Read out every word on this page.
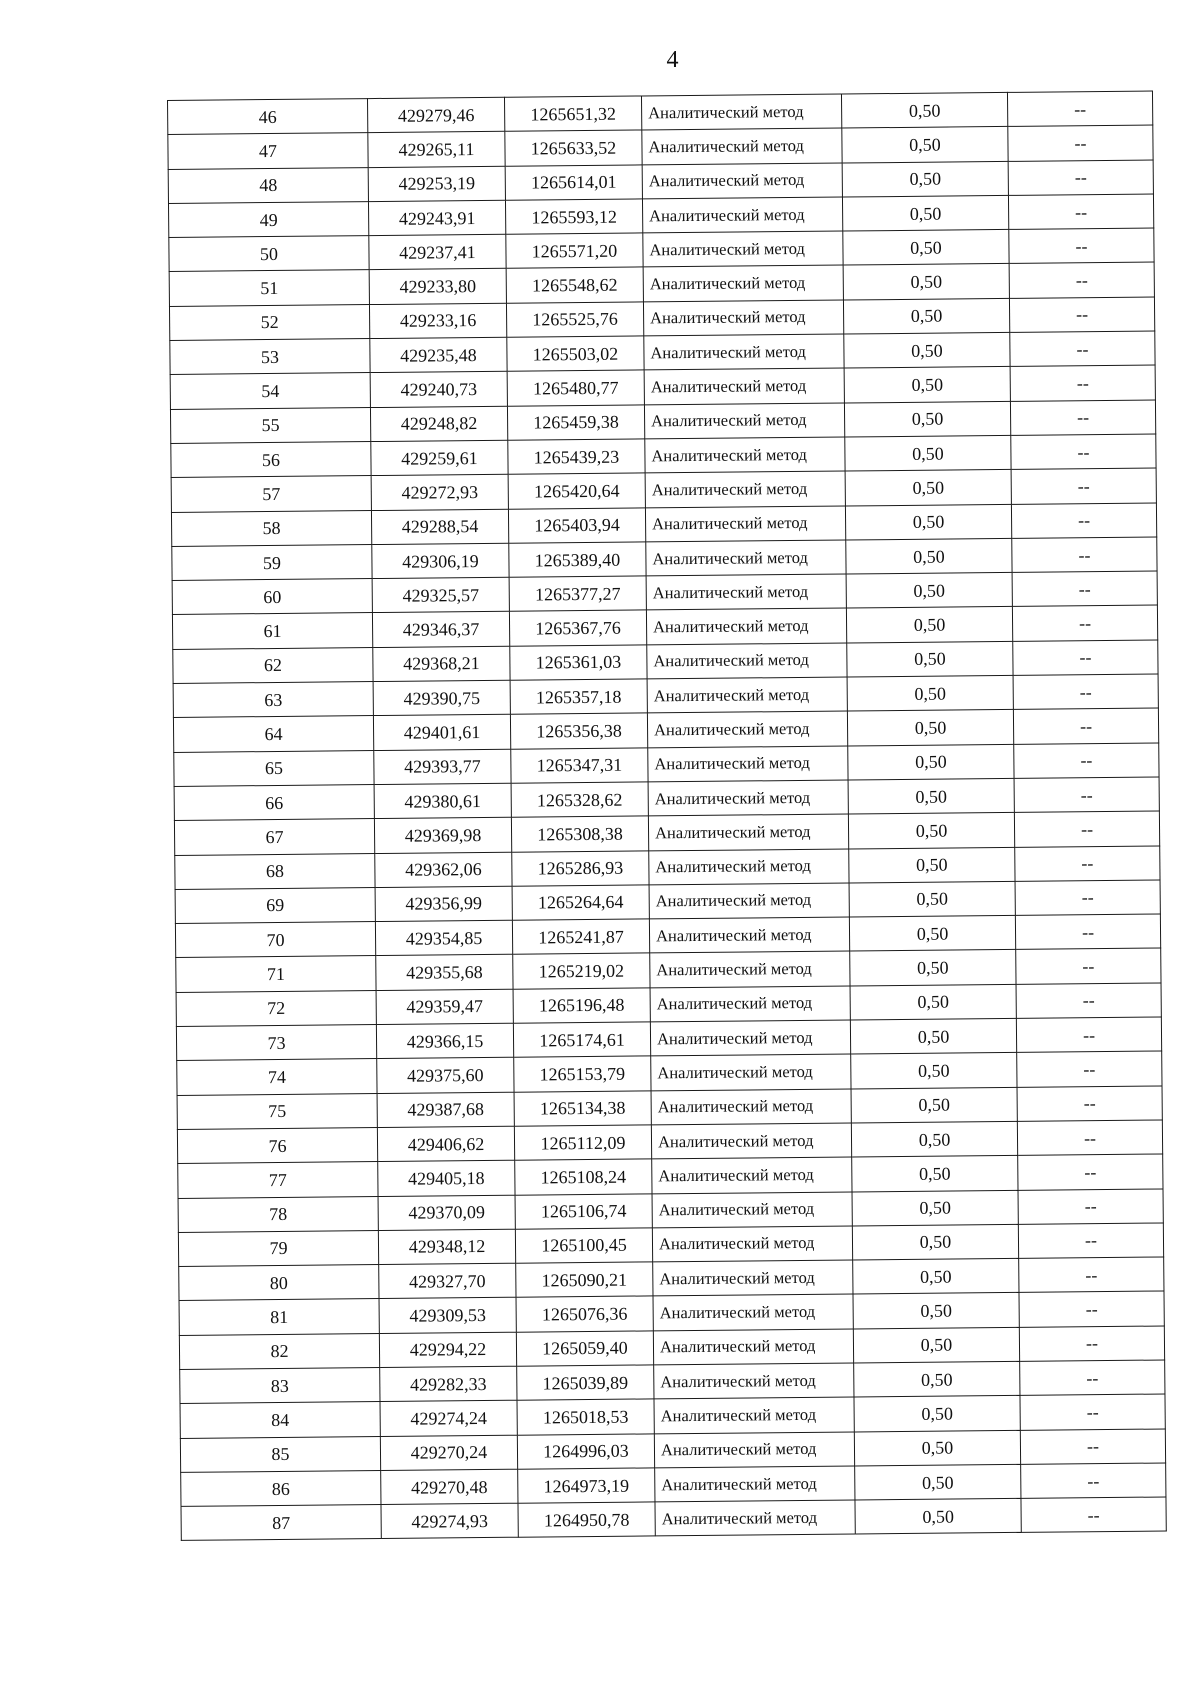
4
46	429279,46	1265651,32	Аналитический метод	0,50	--
47	429265,11	1265633,52	Аналитический метод	0,50	--
48	429253,19	1265614,01	Аналитический метод	0,50	--
49	429243,91	1265593,12	Аналитический метод	0,50	--
50	429237,41	1265571,20	Аналитический метод	0,50	--
51	429233,80	1265548,62	Аналитический метод	0,50	--
52	429233,16	1265525,76	Аналитический метод	0,50	--
53	429235,48	1265503,02	Аналитический метод	0,50	--
54	429240,73	1265480,77	Аналитический метод	0,50	--
55	429248,82	1265459,38	Аналитический метод	0,50	--
56	429259,61	1265439,23	Аналитический метод	0,50	--
57	429272,93	1265420,64	Аналитический метод	0,50	--
58	429288,54	1265403,94	Аналитический метод	0,50	--
59	429306,19	1265389,40	Аналитический метод	0,50	--
60	429325,57	1265377,27	Аналитический метод	0,50	--
61	429346,37	1265367,76	Аналитический метод	0,50	--
62	429368,21	1265361,03	Аналитический метод	0,50	--
63	429390,75	1265357,18	Аналитический метод	0,50	--
64	429401,61	1265356,38	Аналитический метод	0,50	--
65	429393,77	1265347,31	Аналитический метод	0,50	--
66	429380,61	1265328,62	Аналитический метод	0,50	--
67	429369,98	1265308,38	Аналитический метод	0,50	--
68	429362,06	1265286,93	Аналитический метод	0,50	--
69	429356,99	1265264,64	Аналитический метод	0,50	--
70	429354,85	1265241,87	Аналитический метод	0,50	--
71	429355,68	1265219,02	Аналитический метод	0,50	--
72	429359,47	1265196,48	Аналитический метод	0,50	--
73	429366,15	1265174,61	Аналитический метод	0,50	--
74	429375,60	1265153,79	Аналитический метод	0,50	--
75	429387,68	1265134,38	Аналитический метод	0,50	--
76	429406,62	1265112,09	Аналитический метод	0,50	--
77	429405,18	1265108,24	Аналитический метод	0,50	--
78	429370,09	1265106,74	Аналитический метод	0,50	--
79	429348,12	1265100,45	Аналитический метод	0,50	--
80	429327,70	1265090,21	Аналитический метод	0,50	--
81	429309,53	1265076,36	Аналитический метод	0,50	--
82	429294,22	1265059,40	Аналитический метод	0,50	--
83	429282,33	1265039,89	Аналитический метод	0,50	--
84	429274,24	1265018,53	Аналитический метод	0,50	--
85	429270,24	1264996,03	Аналитический метод	0,50	--
86	429270,48	1264973,19	Аналитический метод	0,50	--
87	429274,93	1264950,78	Аналитический метод	0,50	--
